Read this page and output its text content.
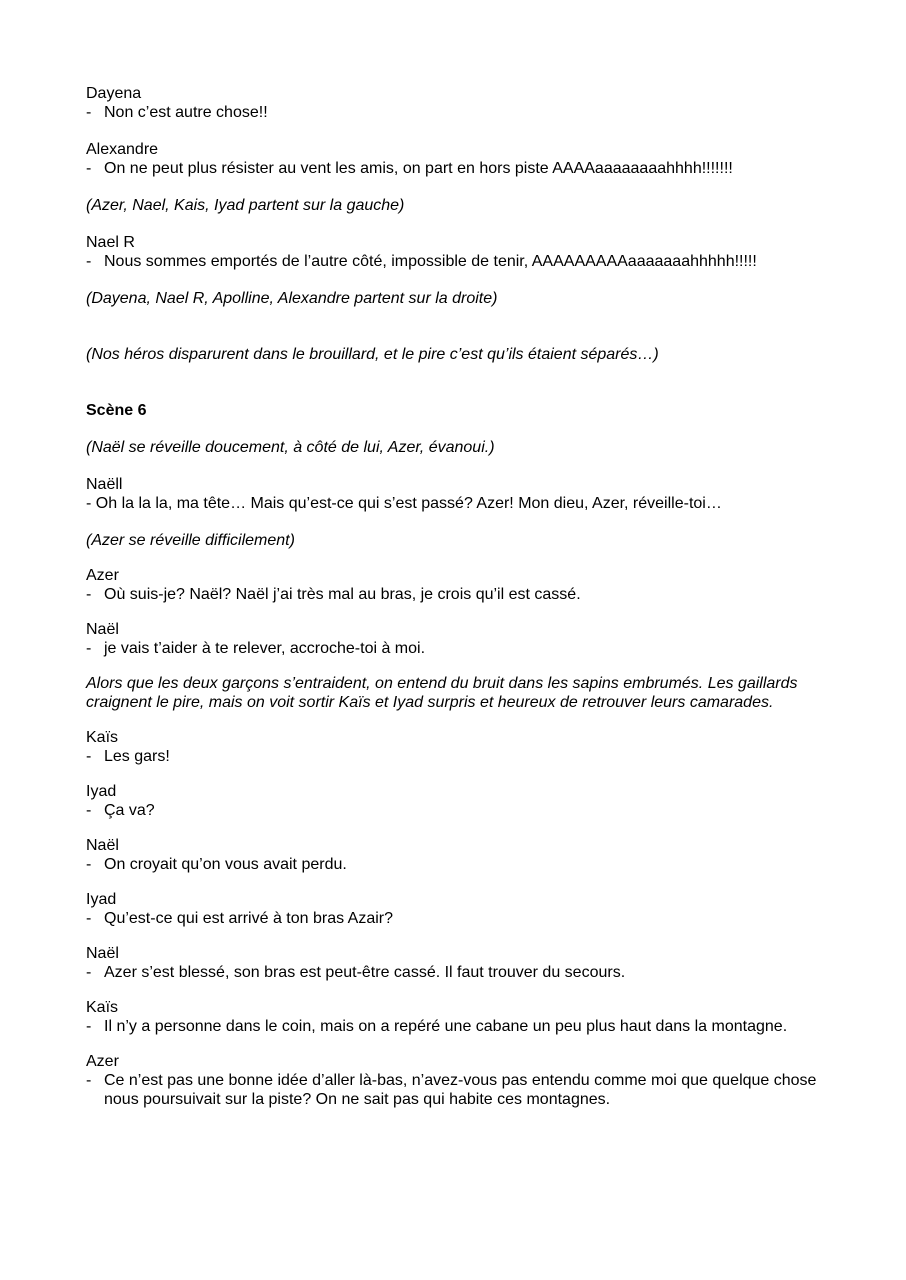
Dayena
- Non c’est autre chose!!
Alexandre
- On ne peut plus résister au vent les amis, on part en hors piste AAAAaaaaaaaahhhh!!!!!!!

(Azer, Nael, Kais, Iyad partent sur la gauche)

Nael R
- Nous sommes emportés de l’autre côté, impossible de tenir, AAAAAAAAAaaaaaaahhhhh!!!!!

(Dayena, Nael R, Apolline, Alexandre partent sur la droite)

(Nos héros disparurent dans le brouillard, et le pire c’est qu’ils étaient séparés…)

Scène 6

(Naël se réveille doucement, à côté de lui, Azer, évanoui.)

Naëll
- Oh la la la, ma tête… Mais qu’est-ce qui s’est passé? Azer! Mon dieu, Azer, réveille-toi…

(Azer se réveille difficilement)

Azer
- Où suis-je? Naël? Naël j’ai très mal au bras, je crois qu’il est cassé.
Naël
- je vais t’aider à te relever, accroche-toi à moi.

Alors que les deux garçons s’entraident, on entend du bruit dans les sapins embrumés. Les gaillards craignent le pire, mais on voit sortir Kaïs et Iyad surpris et heureux de retrouver leurs camarades.

Kaïs
- Les gars!
Iyad
- Ça va?
Naël
- On croyait qu’on vous avait perdu.
Iyad
- Qu’est-ce qui est arrivé à ton bras Azair?
Naël
- Azer s’est blessé, son bras est peut-être cassé. Il faut trouver du secours.
Kaïs
- Il n’y a personne dans le coin, mais on a repéré une cabane un peu plus haut dans la montagne.
Azer
- Ce n’est pas une bonne idée d’aller là-bas, n’avez-vous pas entendu comme moi que quelque chose nous poursuivait sur la piste? On ne sait pas qui habite ces montagnes.
